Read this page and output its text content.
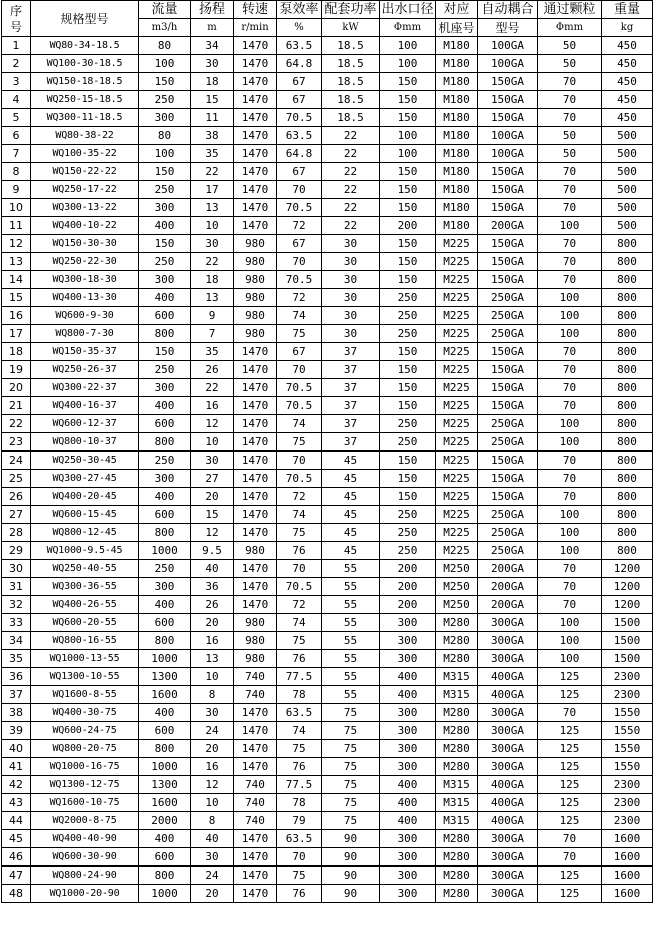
序
号	规格型号	流量	扬程	转速	泵效率	配套功率	出水口径	对应	自动耦合	通过颗粒	重量
		m3/h	m	r/min	%	kW	Φmm	机座号	型号	Φmm	kg
1	WQ80-34-18.5	80	34	1470	63.5	18.5	100	M180	100GA	50	450
2	WQ100-30-18.5	100	30	1470	64.8	18.5	100	M180	100GA	50	450
3	WQ150-18-18.5	150	18	1470	67	18.5	150	M180	150GA	70	450
4	WQ250-15-18.5	250	15	1470	67	18.5	150	M180	150GA	70	450
5	WQ300-11-18.5	300	11	1470	70.5	18.5	150	M180	150GA	70	450
6	WQ80-38-22	80	38	1470	63.5	22	100	M180	100GA	50	500
7	WQ100-35-22	100	35	1470	64.8	22	100	M180	100GA	50	500
8	WQ150-22-22	150	22	1470	67	22	150	M180	150GA	70	500
9	WQ250-17-22	250	17	1470	70	22	150	M180	150GA	70	500
10	WQ300-13-22	300	13	1470	70.5	22	150	M180	150GA	70	500
11	WQ400-10-22	400	10	1470	72	22	200	M180	200GA	100	500
12	WQ150-30-30	150	30	980	67	30	150	M225	150GA	70	800
13	WQ250-22-30	250	22	980	70	30	150	M225	150GA	70	800
14	WQ300-18-30	300	18	980	70.5	30	150	M225	150GA	70	800
15	WQ400-13-30	400	13	980	72	30	250	M225	250GA	100	800
16	WQ600-9-30	600	9	980	74	30	250	M225	250GA	100	800
17	WQ800-7-30	800	7	980	75	30	250	M225	250GA	100	800
18	WQ150-35-37	150	35	1470	67	37	150	M225	150GA	70	800
19	WQ250-26-37	250	26	1470	70	37	150	M225	150GA	70	800
20	WQ300-22-37	300	22	1470	70.5	37	150	M225	150GA	70	800
21	WQ400-16-37	400	16	1470	70.5	37	150	M225	150GA	70	800
22	WQ600-12-37	600	12	1470	74	37	250	M225	250GA	100	800
23	WQ800-10-37	800	10	1470	75	37	250	M225	250GA	100	800
24	WQ250-30-45	250	30	1470	70	45	150	M225	150GA	70	800
25	WQ300-27-45	300	27	1470	70.5	45	150	M225	150GA	70	800
26	WQ400-20-45	400	20	1470	72	45	150	M225	150GA	70	800
27	WQ600-15-45	600	15	1470	74	45	250	M225	250GA	100	800
28	WQ800-12-45	800	12	1470	75	45	250	M225	250GA	100	800
29	WQ1000-9.5-45	1000	9.5	980	76	45	250	M225	250GA	100	800
30	WQ250-40-55	250	40	1470	70	55	200	M250	200GA	70	1200
31	WQ300-36-55	300	36	1470	70.5	55	200	M250	200GA	70	1200
32	WQ400-26-55	400	26	1470	72	55	200	M250	200GA	70	1200
33	WQ600-20-55	600	20	980	74	55	300	M280	300GA	100	1500
34	WQ800-16-55	800	16	980	75	55	300	M280	300GA	100	1500
35	WQ1000-13-55	1000	13	980	76	55	300	M280	300GA	100	1500
36	WQ1300-10-55	1300	10	740	77.5	55	400	M315	400GA	125	2300
37	WQ1600-8-55	1600	8	740	78	55	400	M315	400GA	125	2300
38	WQ400-30-75	400	30	1470	63.5	75	300	M280	300GA	70	1550
39	WQ600-24-75	600	24	1470	74	75	300	M280	300GA	125	1550
40	WQ800-20-75	800	20	1470	75	75	300	M280	300GA	125	1550
41	WQ1000-16-75	1000	16	1470	76	75	300	M280	300GA	125	1550
42	WQ1300-12-75	1300	12	740	77.5	75	400	M315	400GA	125	2300
43	WQ1600-10-75	1600	10	740	78	75	400	M315	400GA	125	2300
44	WQ2000-8-75	2000	8	740	79	75	400	M315	400GA	125	2300
45	WQ400-40-90	400	40	1470	63.5	90	300	M280	300GA	70	1600
46	WQ600-30-90	600	30	1470	70	90	300	M280	300GA	70	1600
47	WQ800-24-90	800	24	1470	75	90	300	M280	300GA	125	1600
48	WQ1000-20-90	1000	20	1470	76	90	300	M280	300GA	125	1600
